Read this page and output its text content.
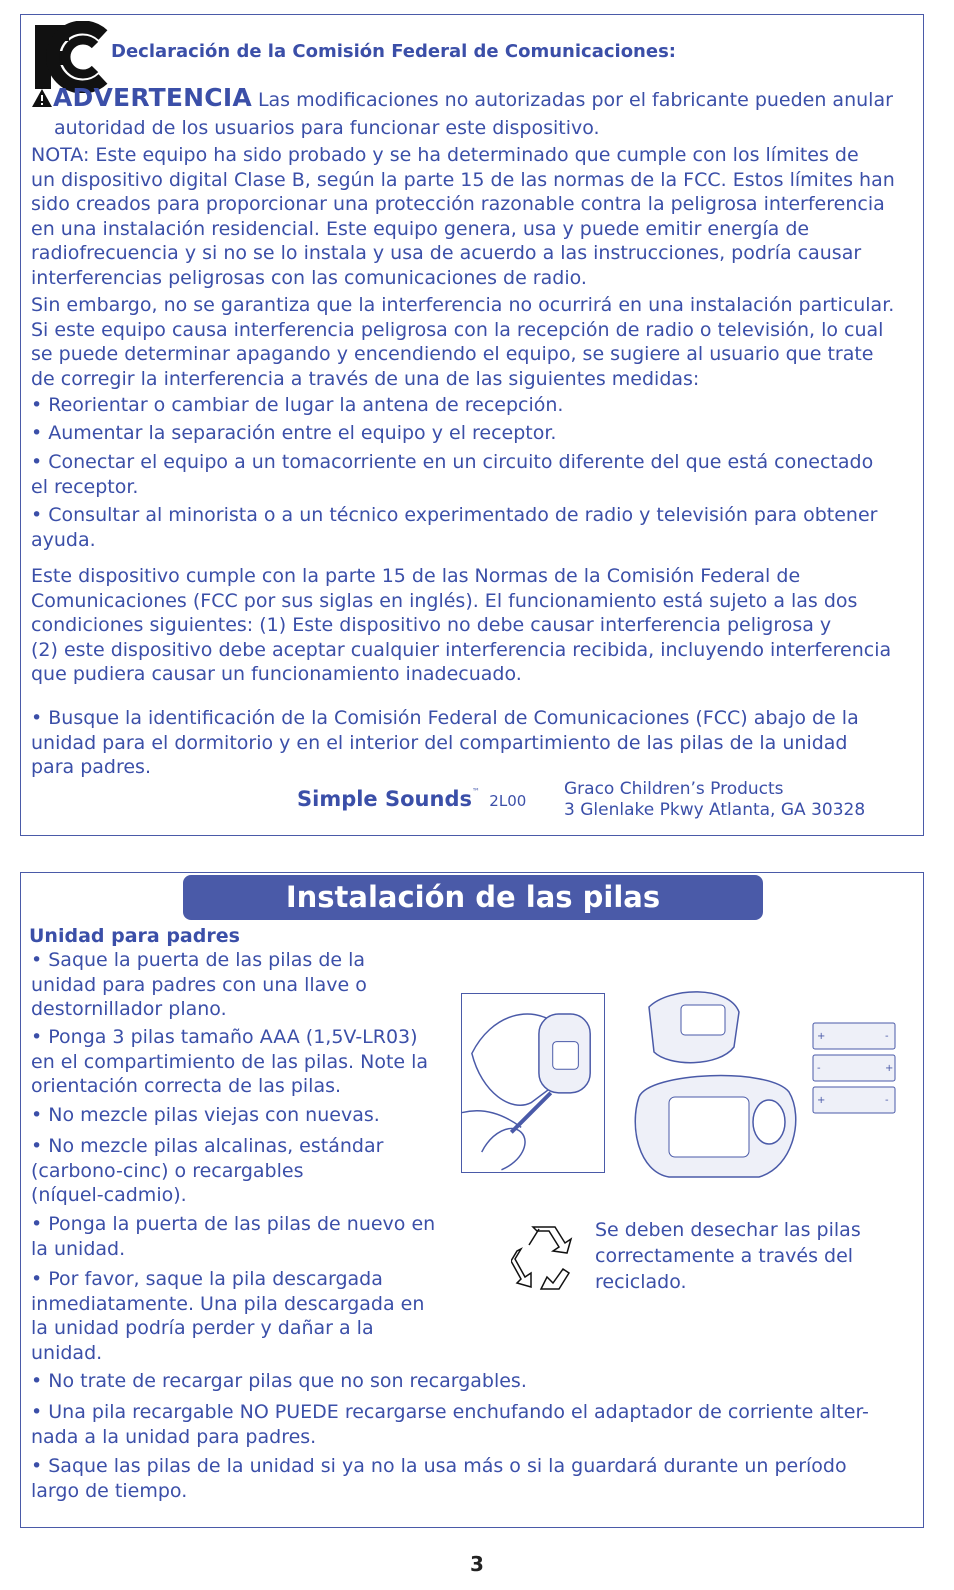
Declaración de la Comisión Federal de Comunicaciones:
ADVERTENCIA Las modificaciones no autorizadas por el fabricante pueden anular
autoridad de los usuarios para funcionar este dispositivo.
NOTA: Este equipo ha sido probado y se ha determinado que cumple con los límites de
un dispositivo digital Clase B, según la parte 15 de las normas de la FCC. Estos límites han
sido creados para proporcionar una protección razonable contra la peligrosa interferencia
en una instalación residencial. Este equipo genera, usa y puede emitir energía de
radiofrecuencia y si no se lo instala y usa de acuerdo a las instrucciones, podría causar
interferencias peligrosas con las comunicaciones de radio.
Sin embargo, no se garantiza que la interferencia no ocurrirá en una instalación particular.
Si este equipo causa interferencia peligrosa con la recepción de radio o televisión, lo cual
se puede determinar apagando y encendiendo el equipo, se sugiere al usuario que trate
de corregir la interferencia a través de una de las siguientes medidas:
• Reorientar o cambiar de lugar la antena de recepción.
• Aumentar la separación entre el equipo y el receptor.
• Conectar el equipo a un tomacorriente en un circuito diferente del que está conectado
el receptor.
• Consultar al minorista o a un técnico experimentado de radio y televisión para obtener
ayuda.
Este dispositivo cumple con la parte 15 de las Normas de la Comisión Federal de
Comunicaciones (FCC por sus siglas en inglés). El funcionamiento está sujeto a las dos
condiciones siguientes: (1) Este dispositivo no debe causar interferencia peligrosa y
(2) este dispositivo debe aceptar cualquier interferencia recibida, incluyendo interferencia
que pudiera causar un funcionamiento inadecuado.
• Busque la identificación de la Comisión Federal de Comunicaciones (FCC) abajo de la
unidad para el dormitorio y en el interior del compartimiento de las pilas de la unidad
para padres.
Simple Sounds™ 2L00
Graco Children’s Products
3 Glenlake Pkwy Atlanta, GA 30328
Instalación de las pilas
Unidad para padres
• Saque la puerta de las pilas de la
unidad para padres con una llave o
destornillador plano.
• Ponga 3 pilas tamaño AAA (1,5V-LR03)
en el compartimiento de las pilas. Note la
orientación correcta de las pilas.
• No mezcle pilas viejas con nuevas.
• No mezcle pilas alcalinas, estándar
(carbono-cinc) o recargables
(níquel-cadmio).
• Ponga la puerta de las pilas de nuevo en
la unidad.
• Por favor, saque la pila descargada
inmediatamente. Una pila descargada en
la unidad podría perder y dañar a la
unidad.
• No trate de recargar pilas que no son recargables.
• Una pila recargable NO PUEDE recargarse enchufando el adaptador de corriente alter-
nada a la unidad para padres.
• Saque las pilas de la unidad si ya no la usa más o si la guardará durante un período
largo de tiempo.
+	-
-	+
+	-
Se deben desechar las pilas
correctamente a través del
reciclado.
3
